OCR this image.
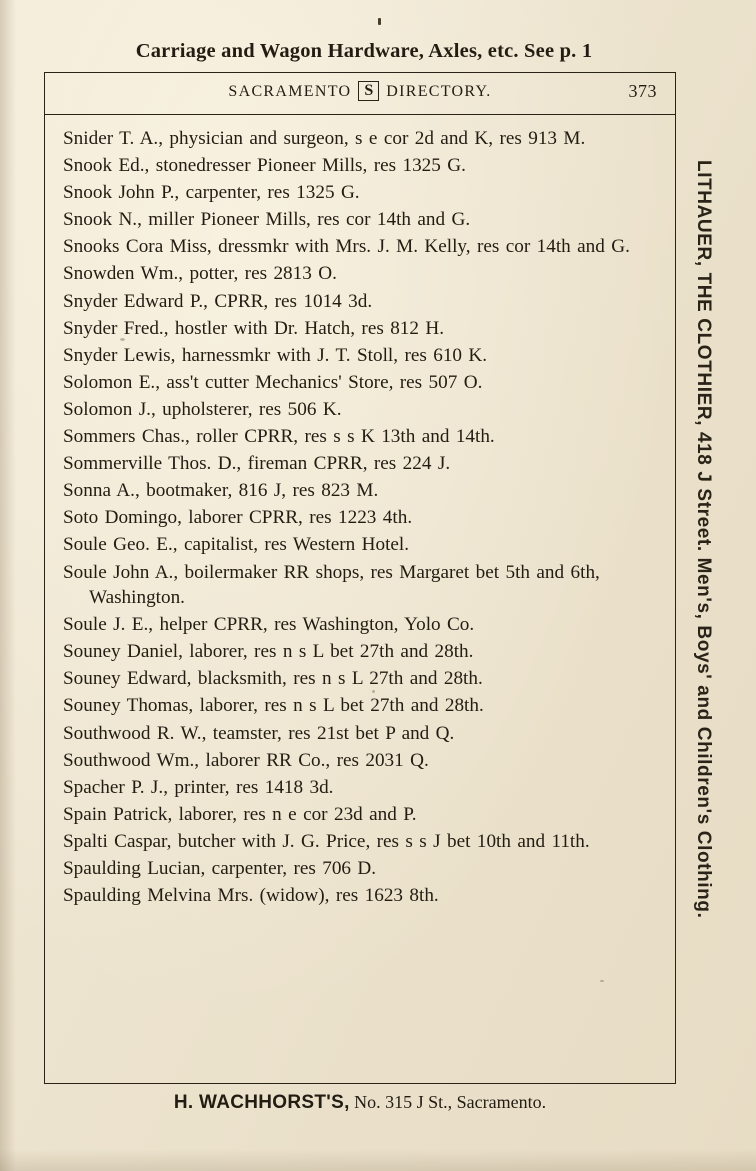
Carriage and Wagon Hardware, Axles, etc. See p. 1
SACRAMENTO S DIRECTORY.	373
Snider T. A., physician and surgeon, s e cor 2d and K, res 913 M.
Snook Ed., stonedresser Pioneer Mills, res 1325 G.
Snook John P., carpenter, res 1325 G.
Snook N., miller Pioneer Mills, res cor 14th and G.
Snooks Cora Miss, dressmkr with Mrs. J. M. Kelly, res cor 14th and G.
Snowden Wm., potter, res 2813 O.
Snyder Edward P., CPRR, res 1014 3d.
Snyder Fred., hostler with Dr. Hatch, res 812 H.
Snyder Lewis, harnessmkr with J. T. Stoll, res 610 K.
Solomon E., ass't cutter Mechanics' Store, res 507 O.
Solomon J., upholsterer, res 506 K.
Sommers Chas., roller CPRR, res s s K 13th and 14th.
Sommerville Thos. D., fireman CPRR, res 224 J.
Sonna A., bootmaker, 816 J, res 823 M.
Soto Domingo, laborer CPRR, res 1223 4th.
Soule Geo. E., capitalist, res Western Hotel.
Soule John A., boilermaker RR shops, res Margaret bet 5th and 6th, Washington.
Soule J. E., helper CPRR, res Washington, Yolo Co.
Souney Daniel, laborer, res n s L bet 27th and 28th.
Souney Edward, blacksmith, res n s L 27th and 28th.
Souney Thomas, laborer, res n s L bet 27th and 28th.
Southwood R. W., teamster, res 21st bet P and Q.
Southwood Wm., laborer RR Co., res 2031 Q.
Spacher P. J., printer, res 1418 3d.
Spain Patrick, laborer, res n e cor 23d and P.
Spalti Caspar, butcher with J. G. Price, res s s J bet 10th and 11th.
Spaulding Lucian, carpenter, res 706 D.
Spaulding Melvina Mrs. (widow), res 1623 8th.	LITHAUER, THE CLOTHIER, 418 J Street. Men's, Boys' and Children's Clothing.
H. WACHHORST'S, No. 315 J St., Sacramento.
